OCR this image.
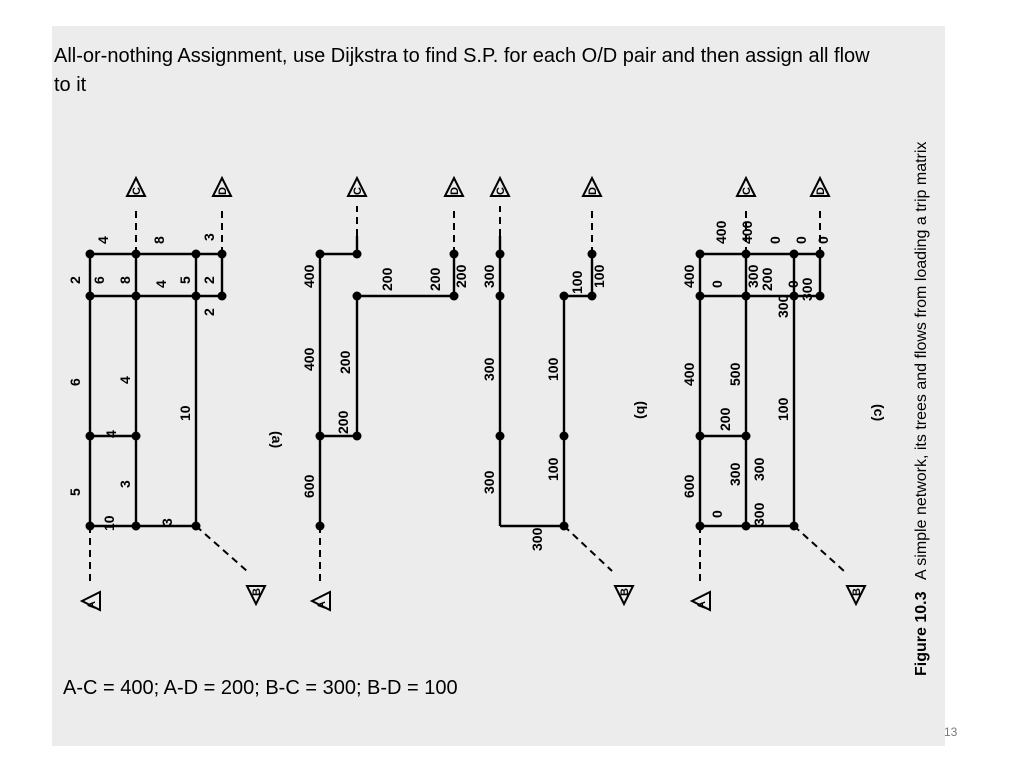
5
6
4
2
10
3
4
6
4
8
8 3
10
3
4
5 2
2
(a)
A
C	D
B
600
200
400
400
200
200 200 200
A
C	D
300
300
300
100
100
100 100
300
(b)
C	D
B
600
200
400
400
400
0
0
300
300
500
200
0
400	0
300
300
100
0
300
0
300
(c)
A
C	D
B	Figure 10.3 A simple network, its trees and flows from loading a trip matrix
All-or-nothing Assignment, use Dijkstra to find S.P. for each O/D pair and then assign all flow to it
A-C = 400; A-D = 200; B-C = 300; B-D = 100
13
